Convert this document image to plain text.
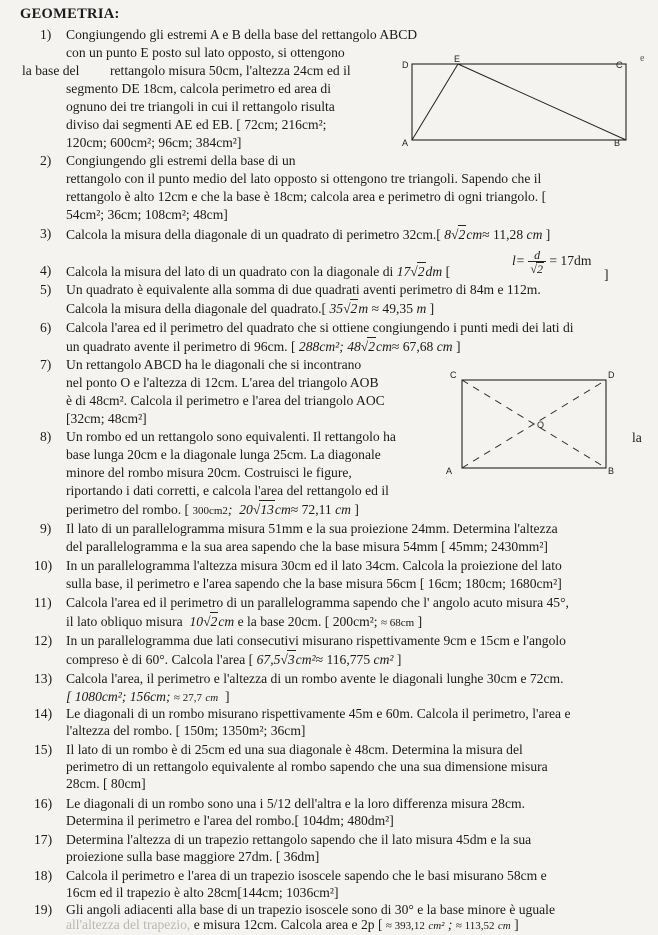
GEOMETRIA:
1) Congiungendo gli estremi A e B della base del rettangolo ABCD
con un punto E posto sul lato opposto, si ottengono
la base del rettangolo misura 50cm, l'altezza 24cm ed il
segmento DE 18cm, calcola perimetro ed area di
ognuno dei tre triangoli in cui il rettangolo risulta
diviso dai segmenti AE ed EB. [ 72cm; 216cm²;
120cm; 600cm²; 96cm; 384cm²]
D
E
C
A	B
e
2) Congiungendo gli estremi della base di un
rettangolo con il punto medio del lato opposto si ottengono tre triangoli. Sapendo che il
rettangolo è alto 12cm e che la base è 18cm; calcola area e perimetro di ogni triangolo. [
54cm²; 36cm; 108cm²; 48cm]
3) Calcola la misura della diagonale di un quadrato di perimetro 32cm.[ 8√2cm≈ 11,28 cm ]
4) Calcola la misura del lato di un quadrato con la diagonale di 17√2dm [
$l= \frac{d}{√2} = 17dm$
]
5) Un quadrato è equivalente alla somma di due quadrati aventi perimetro di 84m e 112m.
Calcola la misura della diagonale del quadrato.[ 35√2m ≈ 49,35 m ]
6) Calcola l'area ed il perimetro del quadrato che si ottiene congiungendo i punti medi dei lati di
un quadrato avente il perimetro di 96cm. [ 288cm²; 48√2cm≈ 67,68 cm ]
7) Un rettangolo ABCD ha le diagonali che si incontrano
nel ponto O e l'altezza di 12cm. L'area del triangolo AOB
è di 48cm². Calcola il perimetro e l'area del triangolo AOC
[32cm; 48cm²]
C	D
O
A	B
la
8) Un rombo ed un rettangolo sono equivalenti. Il rettangolo ha
base lunga 20cm e la diagonale lunga 25cm. La diagonale
minore del rombo misura 20cm. Costruisci le figure,
riportando i dati corretti, e calcola l'area del rettangolo ed il
perimetro del rombo. [ 300cm2; 20√13cm≈ 72,11 cm ]
9) Il lato di un parallelogramma misura 51mm e la sua proiezione 24mm. Determina l'altezza
del parallelogramma e la sua area sapendo che la base misura 54mm [ 45mm; 2430mm²]
10) In un parallelogramma l'altezza misura 30cm ed il lato 34cm. Calcola la proiezione del lato
sulla base, il perimetro e l'area sapendo che la base misura 56cm [ 16cm; 180cm; 1680cm²]
11) Calcola l'area ed il perimetro di un parallelogramma sapendo che l' angolo acuto misura 45°,
il lato obliquo misura 10√2cm e la base 20cm. [ 200cm²; ≈ 68cm ]
12) In un parallelogramma due lati consecutivi misurano rispettivamente 9cm e 15cm e l'angolo
compreso è di 60°. Calcola l'area [ 67,5√3cm²≈ 116,775 cm² ]
13) Calcola l'area, il perimetro e l'altezza di un rombo avente le diagonali lunghe 30cm e 72cm.
[ 1080cm²; 156cm; ≈ 27,7 cm ]
14) Le diagonali di un rombo misurano rispettivamente 45m e 60m. Calcola il perimetro, l'area e
l'altezza del rombo. [ 150m; 1350m²; 36cm]
15) Il lato di un rombo è di 25cm ed una sua diagonale è 48cm. Determina la misura del
perimetro di un rettangolo equivalente al rombo sapendo che una sua dimensione misura
28cm. [ 80cm]
16) Le diagonali di un rombo sono una i 5/12 dell'altra e la loro differenza misura 28cm.
Determina il perimetro e l'area del rombo.[ 104dm; 480dm²]
17) Determina l'altezza di un trapezio rettangolo sapendo che il lato misura 45dm e la sua
proiezione sulla base maggiore 27dm. [ 36dm]
18) Calcola il perimetro e l'area di un trapezio isoscele sapendo che le basi misurano 58cm e
16cm ed il trapezio è alto 28cm[144cm; 1036cm²]
19) Gli angoli adiacenti alla base di un trapezio isoscele sono di 30° e la base minore è uguale
all'altezza del trapezio, e misura 12cm. Calcola area e 2p [ ≈ 393,12 cm² ; ≈ 113,52 cm ]
